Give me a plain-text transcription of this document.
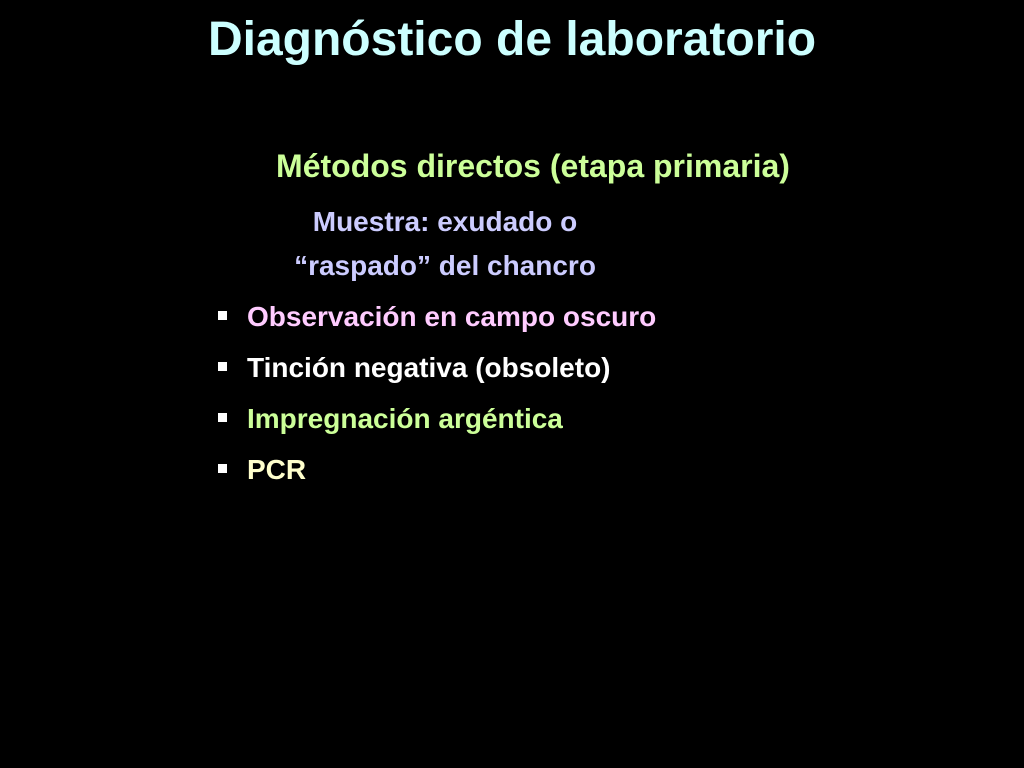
Diagnóstico de laboratorio
Métodos directos (etapa primaria)
Muestra: exudado o
“raspado” del chancro
Observación en campo oscuro
Tinción negativa (obsoleto)
Impregnación argéntica
PCR
